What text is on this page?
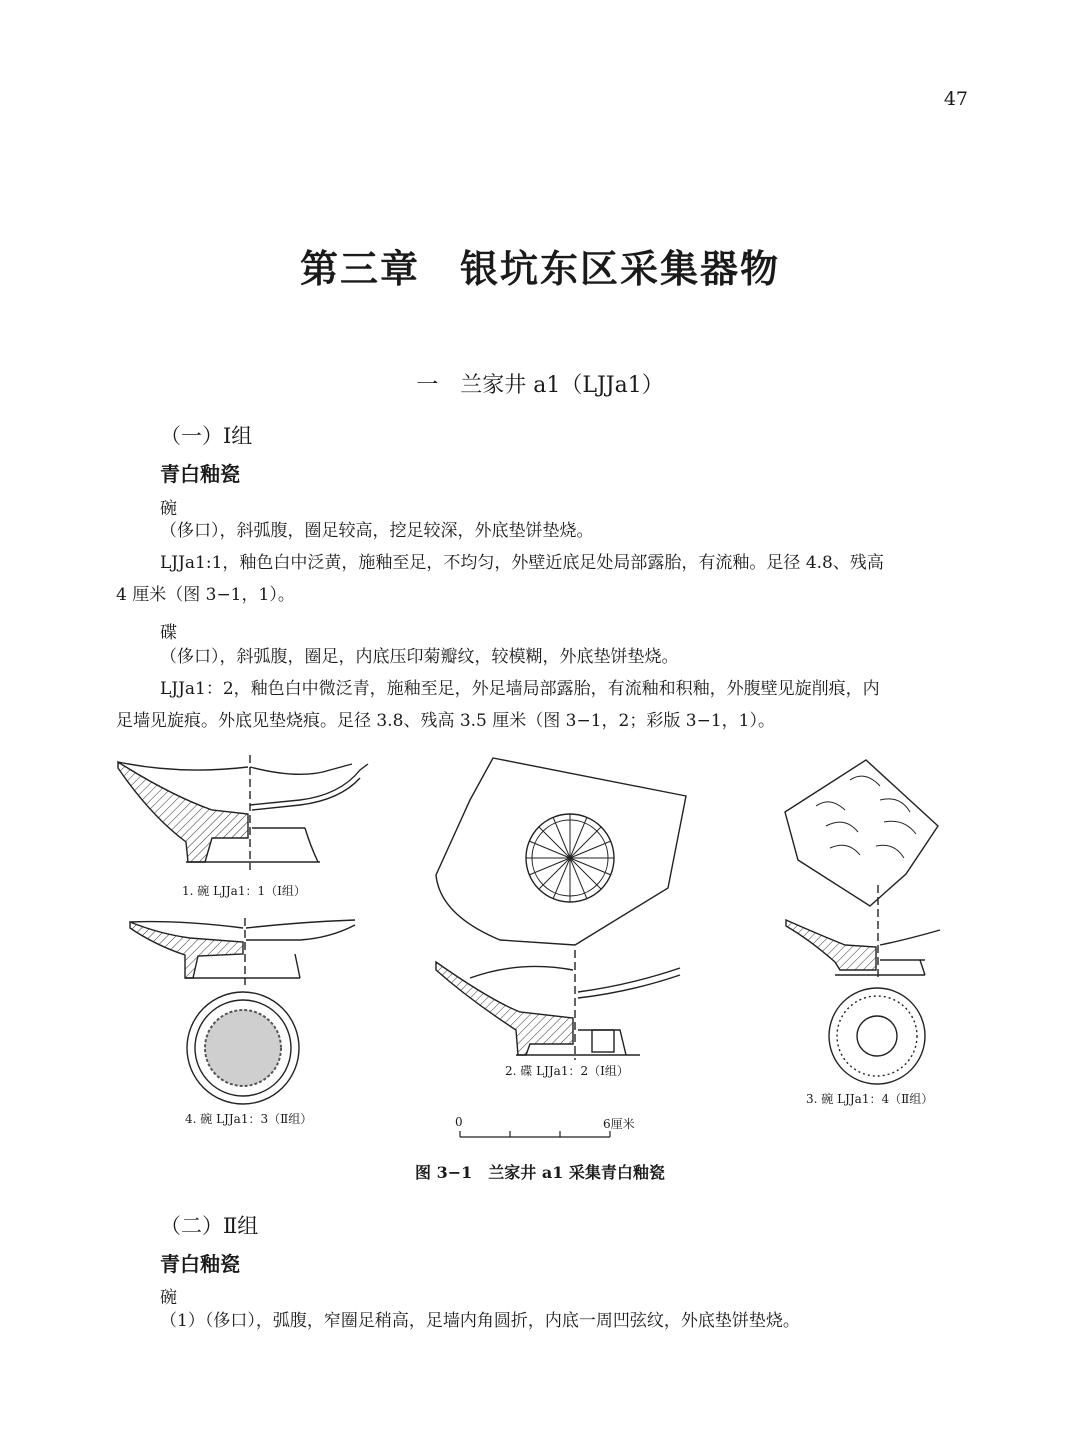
47
第三章　银坑东区采集器物
一　兰家井 a1（LJJa1）
（一）Ⅰ组
青白釉瓷
碗
（侈口），斜弧腹，圈足较高，挖足较深，外底垫饼垫烧。
LJJa1:1，釉色白中泛黄，施釉至足，不均匀，外壁近底足处局部露胎，有流釉。足径 4.8、残高
4 厘米（图 3−1，1）。
碟
（侈口），斜弧腹，圈足，内底压印菊瓣纹，较模糊，外底垫饼垫烧。
LJJa1：2，釉色白中微泛青，施釉至足，外足墙局部露胎，有流釉和积釉，外腹壁见旋削痕，内
足墙见旋痕。外底见垫烧痕。足径 3.8、残高 3.5 厘米（图 3−1，2；彩版 3−1，1）。
1. 碗 LJJa1：1（Ⅰ组）
2. 碟 LJJa1：2（Ⅰ组）
3. 碗 LJJa1：4（Ⅱ组）
4. 碗 LJJa1：3（Ⅱ组）	0	6厘米
图 3−1　兰家井 a1 采集青白釉瓷
（二）Ⅱ组
青白釉瓷
碗
（1）（侈口），弧腹，窄圈足稍高，足墙内角圆折，内底一周凹弦纹，外底垫饼垫烧。
